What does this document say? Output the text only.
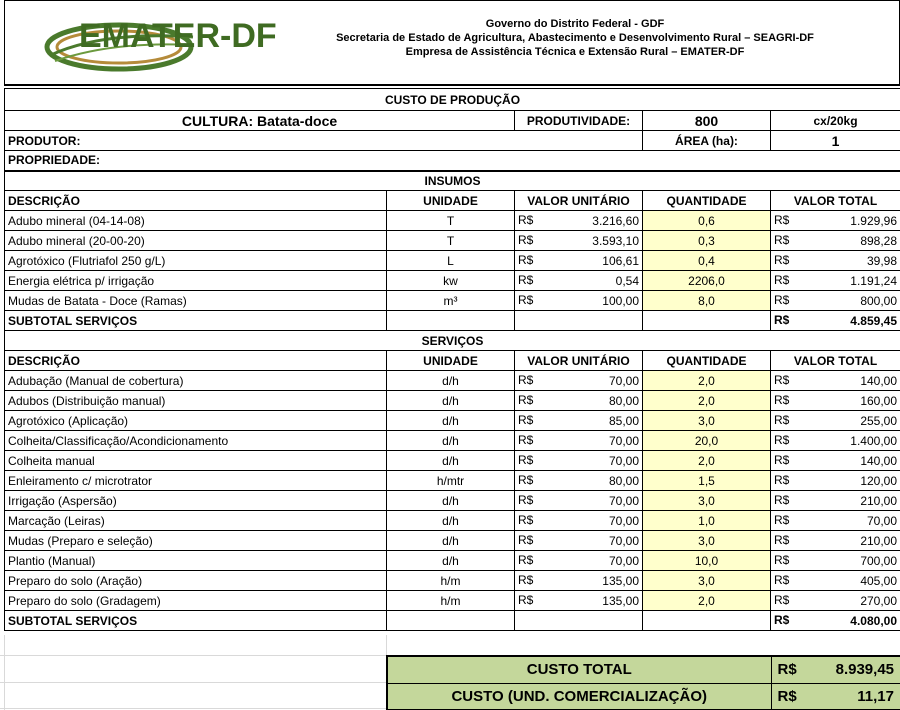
EMATER-DF	Governo do Distrito Federal - GDF
Secretaria de Estado de Agricultura, Abastecimento e Desenvolvimento Rural – SEAGRI-DF
Empresa de Assistência Técnica e Extensão Rural – EMATER-DF
CUSTO DE PRODUÇÃO				
CULTURA: Batata-doce		PRODUTIVIDADE:	800	cx/20kg
PRODUTOR:			ÁREA (ha):	1
PROPRIEDADE:				
INSUMOS				
DESCRIÇÃO	UNIDADE	VALOR UNITÁRIO	QUANTIDADE	VALOR TOTAL
Adubo mineral (04-14-08)	T	R$ 3.216,60	0,6	R$ 1.929,96

Adubo mineral (20-00-20)	T	R$ 3.593,10	0,3	R$ 898,28

Agrotóxico (Flutriafol 250 g/L)	L	R$ 106,61	0,4	R$ 39,98

Energia elétrica p/ irrigação	kw	R$ 0,54	2206,0	R$ 1.191,24

Mudas de Batata - Doce (Ramas)	m³	R$ 100,00	8,0	R$ 800,00

SUBTOTAL SERVIÇOS				R$ 4.859,45

SERVIÇOS				
DESCRIÇÃO	UNIDADE	VALOR UNITÁRIO	QUANTIDADE	VALOR TOTAL
Adubação (Manual de cobertura)	d/h	R$ 70,00	2,0	R$ 140,00

Adubos (Distribuição manual)	d/h	R$ 80,00	2,0	R$ 160,00

Agrotóxico (Aplicação)	d/h	R$ 85,00	3,0	R$ 255,00

Colheita/Classificação/Acondicionamento	d/h	R$ 70,00	20,0	R$ 1.400,00

Colheita manual	d/h	R$ 70,00	2,0	R$ 140,00

Enleiramento c/ microtrator	h/mtr	R$ 80,00	1,5	R$ 120,00

Irrigação (Aspersão)	d/h	R$ 70,00	3,0	R$ 210,00

Marcação (Leiras)	d/h	R$ 70,00	1,0	R$ 70,00

Mudas (Preparo e seleção)	d/h	R$ 70,00	3,0	R$ 210,00

Plantio (Manual)	d/h	R$ 70,00	10,0	R$ 700,00

Preparo do solo (Aração)	h/m	R$ 135,00	3,0	R$ 405,00

Preparo do solo (Gradagem)	h/m	R$ 135,00	2,0	R$ 270,00

SUBTOTAL SERVIÇOS				R$ 4.080,00
CUSTO TOTAL	R$	8.939,45
CUSTO (UND. COMERCIALIZAÇÃO)	R$	11,17
